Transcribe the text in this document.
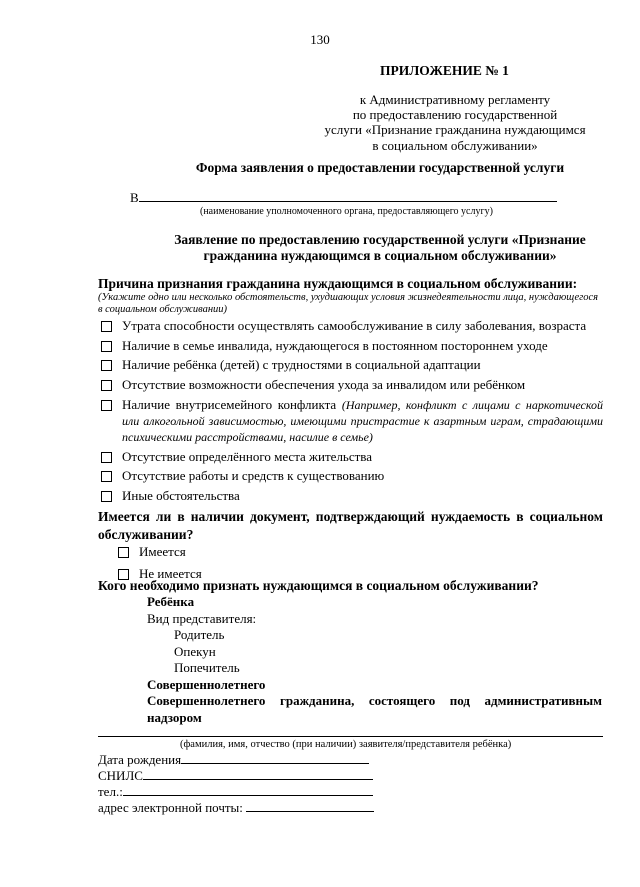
130
ПРИЛОЖЕНИЕ № 1
к Административному регламенту
по предоставлению государственной
услуги «Признание гражданина нуждающимся
в социальном обслуживании»
Форма заявления о предоставлении государственной услуги
В
(наименование уполномоченного органа, предоставляющего услугу)
Заявление по предоставлению государственной услуги «Признание гражданина нуждающимся в социальном обслуживании»
Причина признания гражданина нуждающимся в социальном обслуживании:
(Укажите одно или несколько обстоятельств, ухудшающих условия жизнедеятельности лица, нуждающегося в социальном обслуживании)
Утрата способности осуществлять самообслуживание в силу заболевания, возраста
Наличие в семье инвалида, нуждающегося в постоянном постороннем уходе
Наличие ребёнка (детей) с трудностями в социальной адаптации
Отсутствие возможности обеспечения ухода за инвалидом или ребёнком
Наличие внутрисемейного конфликта (Например, конфликт с лицами с наркотической или алкогольной зависимостью, имеющими пристрастие к азартным играм, страдающими психическими расстройствами, насилие в семье)
Отсутствие определённого места жительства
Отсутствие работы и средств к существованию
Иные обстоятельства
Имеется ли в наличии документ, подтверждающий нуждаемость в социальном обслуживании?
Имеется
Не имеется
Кого необходимо признать нуждающимся в социальном обслуживании?
Ребёнка
Вид представителя:
Родитель
Опекун
Попечитель
Совершеннолетнего
Совершеннолетнего гражданина, состоящего под административным
надзором
(фамилия, имя, отчество (при наличии) заявителя/представителя ребёнка)
Дата рождения
СНИЛС
тел.:
адрес электронной почты:
